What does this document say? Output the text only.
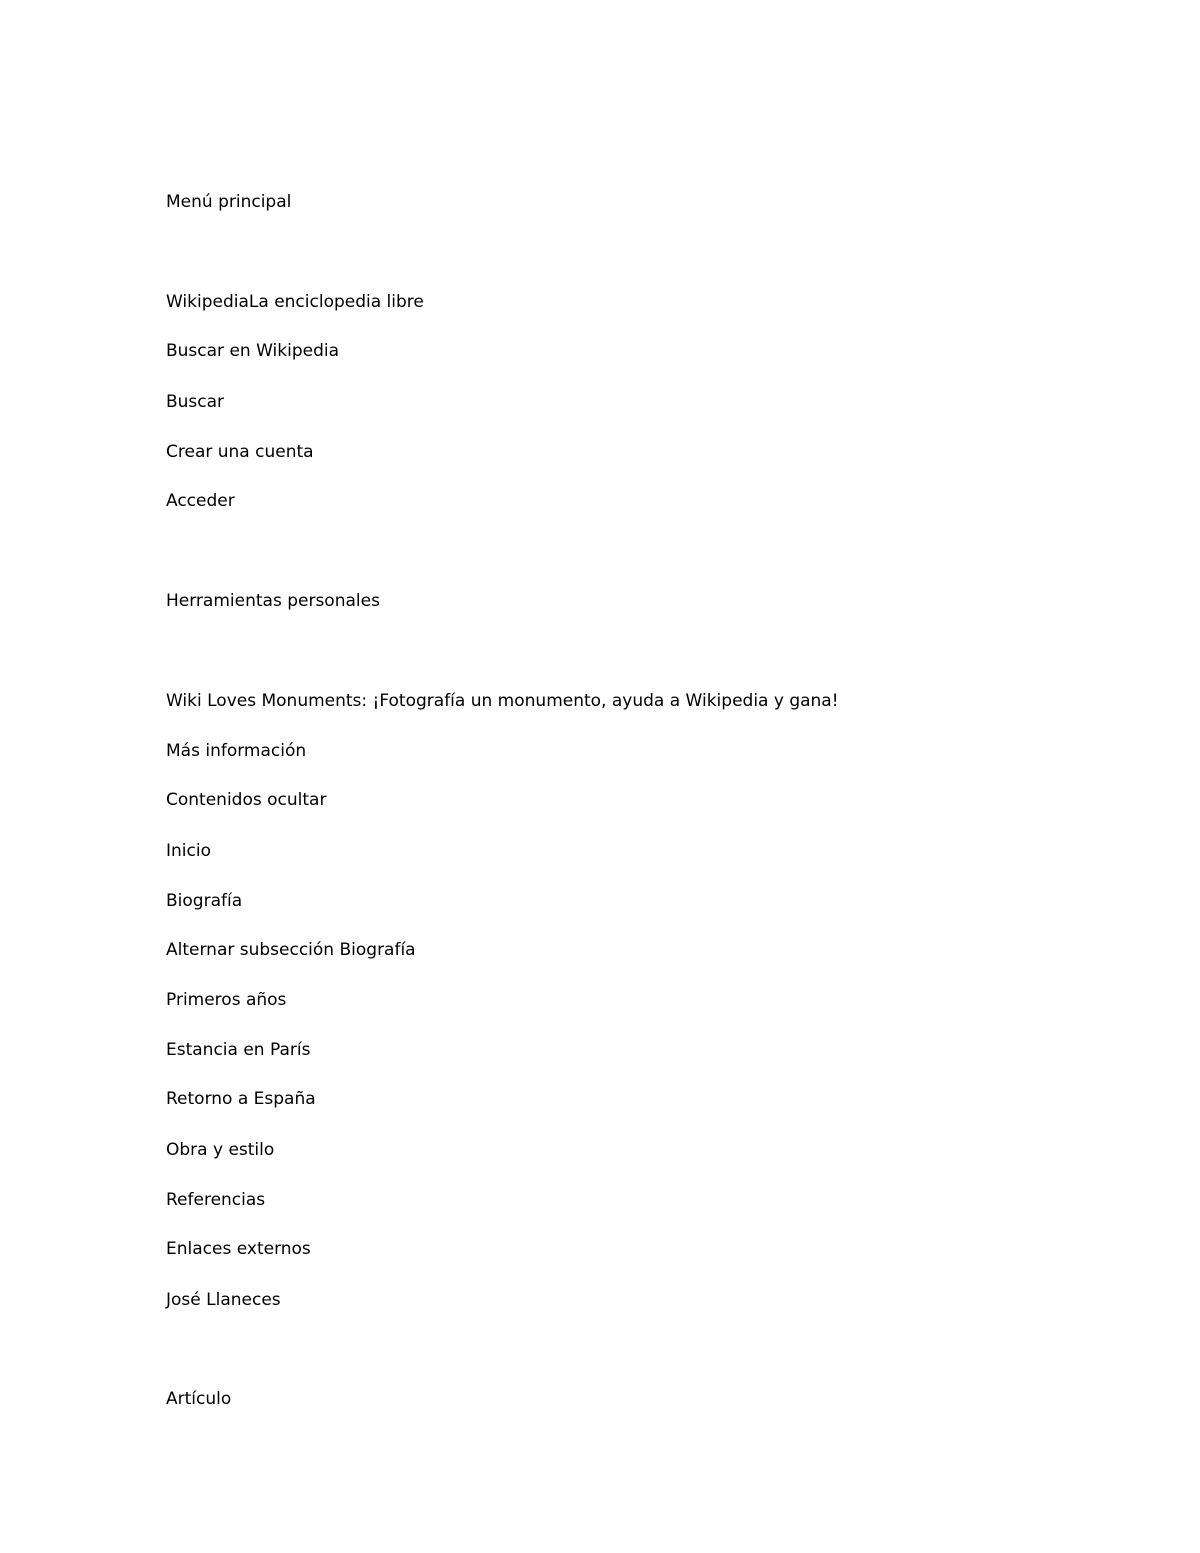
Menú principal
WikipediaLa enciclopedia libre
Buscar en Wikipedia
Buscar
Crear una cuenta
Acceder
Herramientas personales
Wiki Loves Monuments: ¡Fotografía un monumento, ayuda a Wikipedia y gana!
Más información
Contenidos ocultar
Inicio
Biografía
Alternar subsección Biografía
Primeros años
Estancia en París
Retorno a España
Obra y estilo
Referencias
Enlaces externos
José Llaneces
Artículo
